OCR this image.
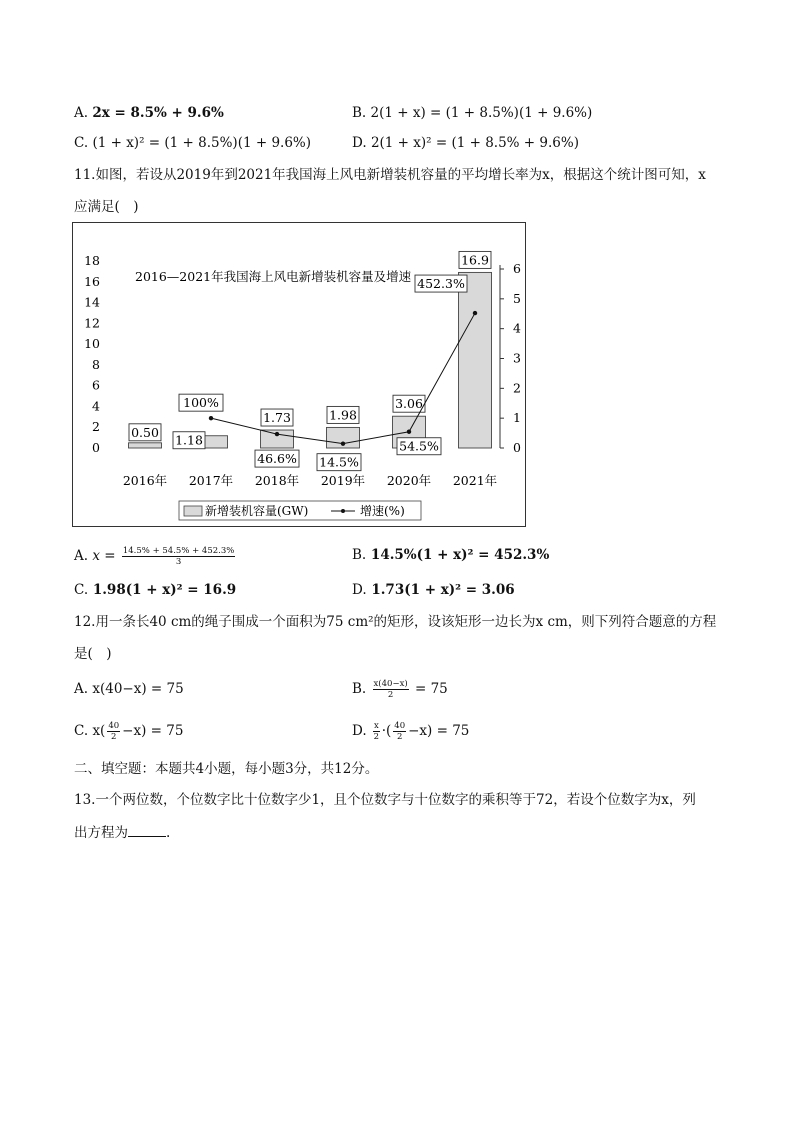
A. 2x = 8.5% + 9.6%	B. 2(1 + x) = (1 + 8.5%)(1 + 9.6%)
C. (1 + x)² = (1 + 8.5%)(1 + 9.6%)	D. 2(1 + x)² = (1 + 8.5% + 9.6%)
11.如图，若设从2019年到2021年我国海上风电新增装机容量的平均增长率为x，根据这个统计图可知，x
应满足(　)
0
2
4
6
8
10
12
14
16
18
0
1
2
3
4
5
6
0.50
1.18
1.73	1.98
3.06
16.9
100%
46.6% 14.5%
54.5%
452.3%
2016年 2017年 2018年 2019年 2020年 2021年
2016—2021年我国海上风电新增装机容量及增速
新增装机容量(GW)	增速(%)
A. $x = \frac{14.5\% + 54.5\% + 452.3\%}{3}$	B. 14.5%(1 + x)² = 452.3%
C. 1.98(1 + x)² = 16.9	D. 1.73(1 + x)² = 3.06
12.用一条长40 cm的绳子围成一个面积为75 cm²的矩形，设该矩形一边长为x cm，则下列符合题意的方程
是(　)
A. x(40−x) = 75	B. $\frac{x(40-x)}{2} = 75$
C. $x( \frac{40}{2} -x) = 75$	D. $\frac{x}{2}$ ·( $\frac{40}{2} -x) = 75$
二、填空题：本题共4小题，每小题3分，共12分。
13.一个两位数，个位数字比十位数字少1，且个位数字与十位数字的乘积等于72，若设个位数字为x，列
出方程为	.
